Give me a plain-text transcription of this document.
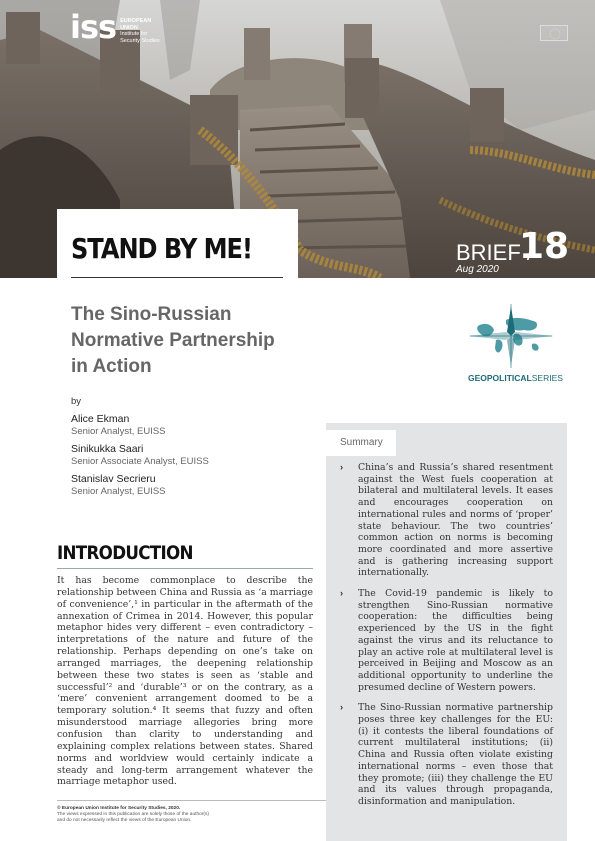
iss EUROPEAN
UNION
Institute for
Security Studies
STAND BY ME!	BRIEF /
18
Aug 2020
The Sino-Russian Normative Partnership in Action
GEOPOLITICALSERIES
by
Alice Ekman
Senior Analyst, EUISS
Sinikukka Saari
Senior Associate Analyst, EUISS
Stanislav Secrieru
Senior Analyst, EUISS
Summary
› China’s and Russia’s shared resentment against the West fuels cooperation at bilateral and multilateral levels. It eases and encourages cooperation on international rules and norms of ‘proper’ state behaviour. The two countries’ common action on norms is becoming more coordinated and more assertive and is gathering increasing support internationally.
› The Covid-19 pandemic is likely to strengthen Sino-Russian normative cooperation: the difficulties being experienced by the US in the fight against the virus and its reluctance to play an active role at multilateral level is perceived in Beijing and Moscow as an additional opportunity to underline the presumed decline of Western powers.
› The Sino-Russian normative partnership poses three key challenges for the EU: (i) it contests the liberal foundations of current multilateral institutions; (ii) China and Russia often violate existing international norms – even those that they promote; (iii) they challenge the EU and its values through propaganda, disinformation and manipulation.
INTRODUCTION

It has become commonplace to describe the relationship between China and Russia as ‘a marriage of convenience’,¹ in particular in the aftermath of the annexation of Crimea in 2014. However, this popular metaphor hides very different – even contradictory – interpretations of the nature and future of the relationship. Perhaps depending on one’s take on arranged marriages, the deepening relationship between these two states is seen as ‘stable and successful’² and ‘durable’³ or on the contrary, as a ‘mere’ convenient arrangement doomed to be a temporary solution.⁴ It seems that fuzzy and often misunderstood marriage allegories bring more confusion than clarity to understanding and explaining complex relations between states. Shared norms and worldview would certainly indicate a steady and long-term arrangement whatever the marriage metaphor used.

© European Union Institute for Security Studies, 2020.
The views expressed in this publication are solely those of the author(s)
and do not necessarily reflect the views of the European Union.
